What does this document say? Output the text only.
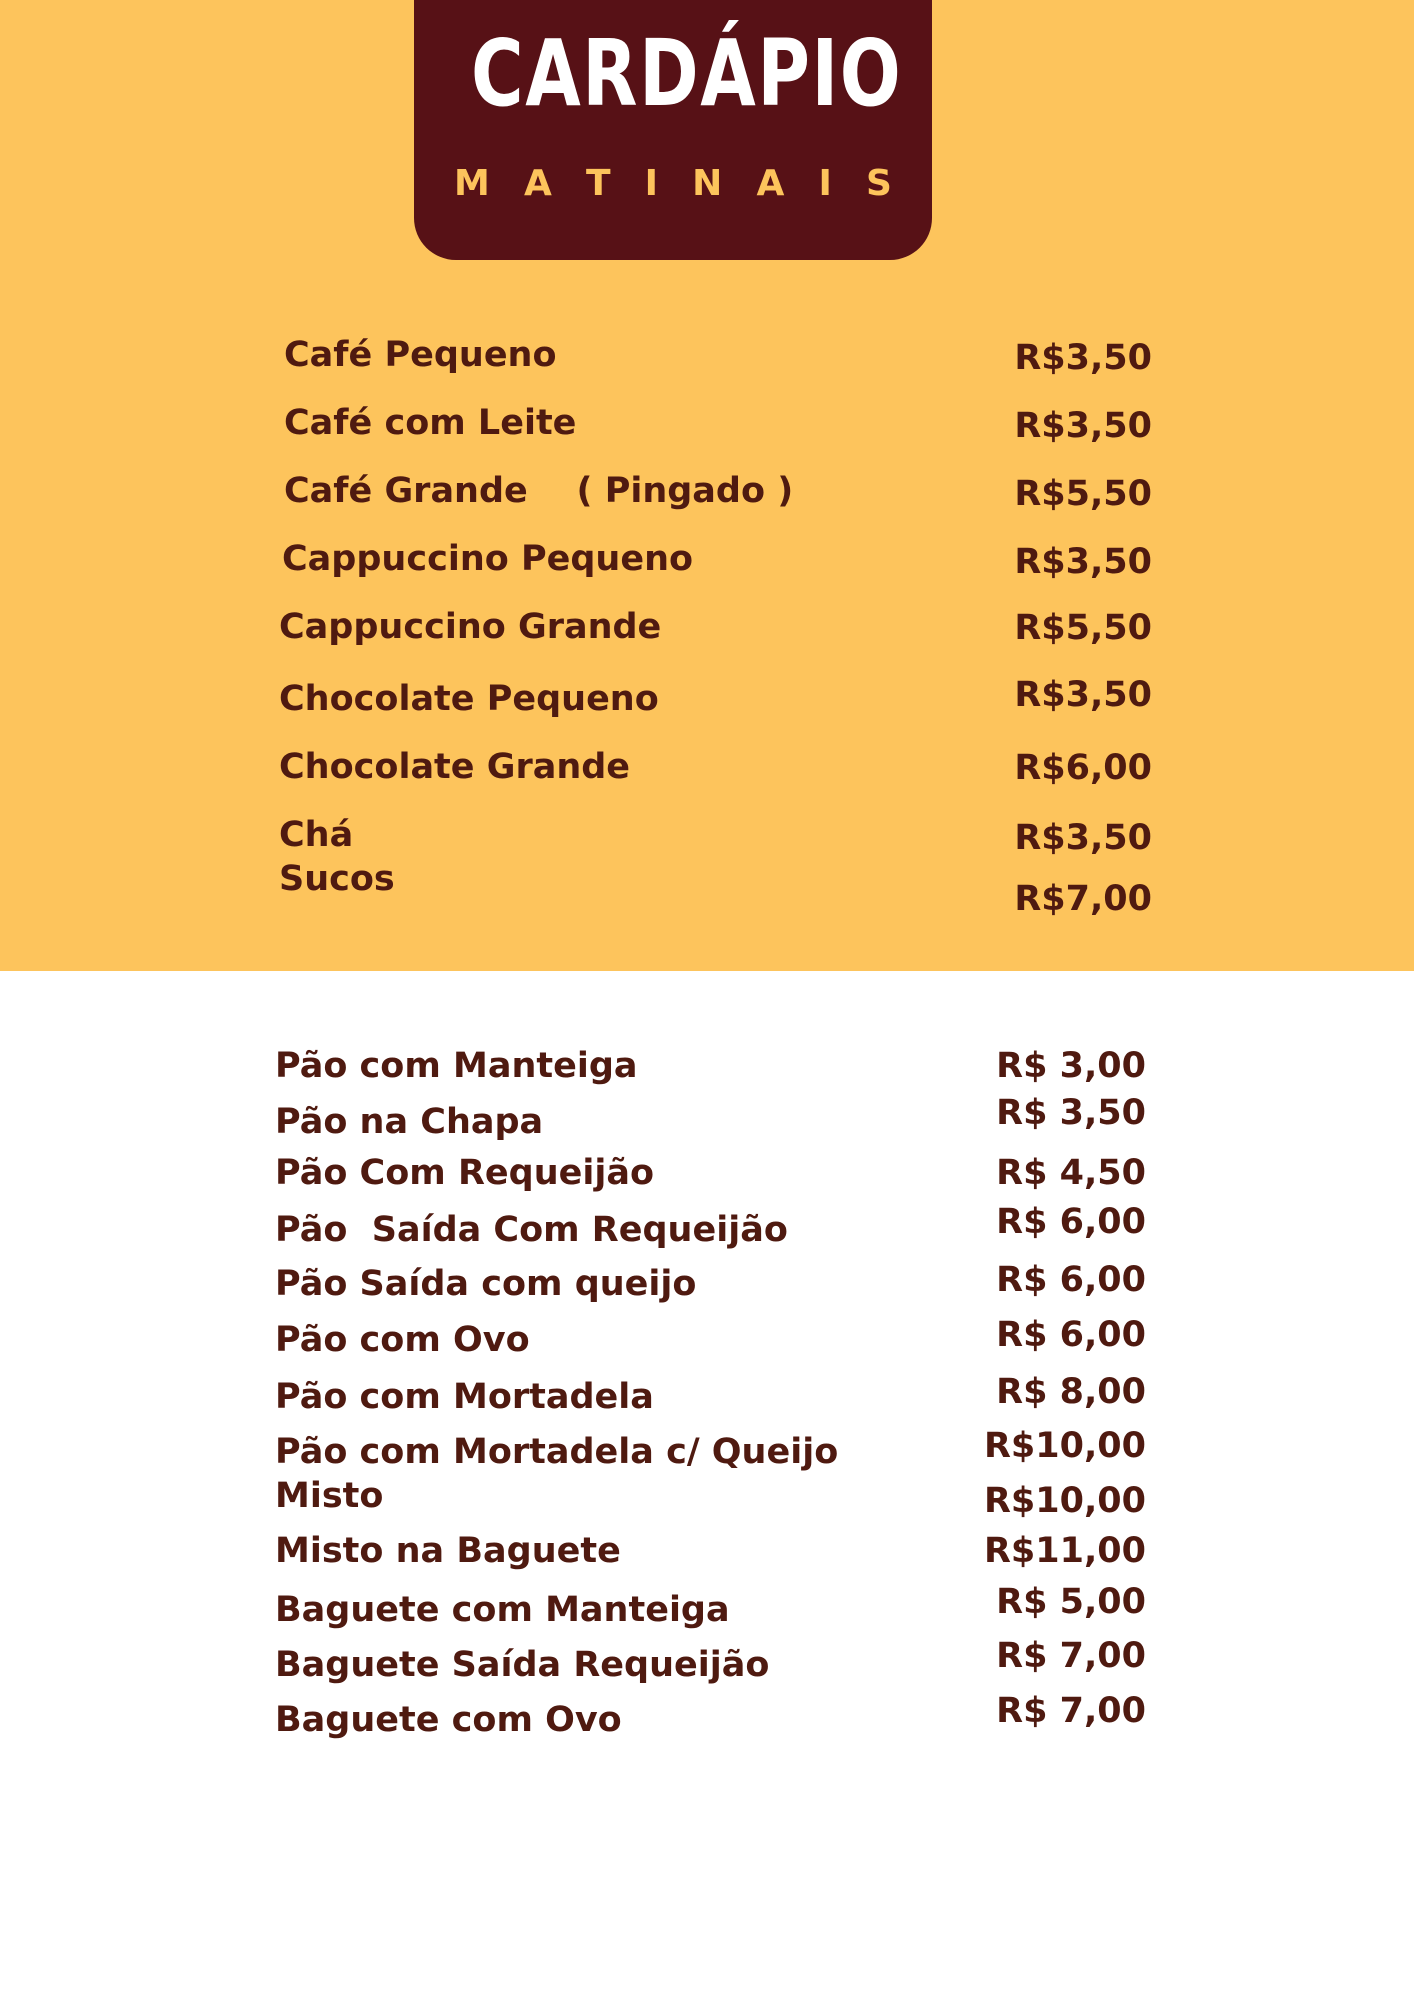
CARDÁPIO
M A T I N A I S
Café Pequeno	R$3,50
Café com Leite	R$3,50
Café Grande    ( Pingado )	R$5,50
Cappuccino Pequeno	R$3,50
Cappuccino Grande	R$5,50
Chocolate Pequeno	R$3,50
Chocolate Grande	R$6,00
Chá	R$3,50
Sucos	R$7,00
Pão com Manteiga	R$ 3,00
Pão na Chapa	R$ 3,50
Pão Com Requeijão	R$ 4,50
Pão  Saída Com Requeijão	R$ 6,00
Pão Saída com queijo	R$ 6,00
Pão com Ovo	R$ 6,00
Pão com Mortadela	R$ 8,00
Pão com Mortadela c/ Queijo	R$10,00
Misto	R$10,00
Misto na Baguete	R$11,00
Baguete com Manteiga	R$ 5,00
Baguete Saída Requeijão	R$ 7,00
Baguete com Ovo	R$ 7,00
